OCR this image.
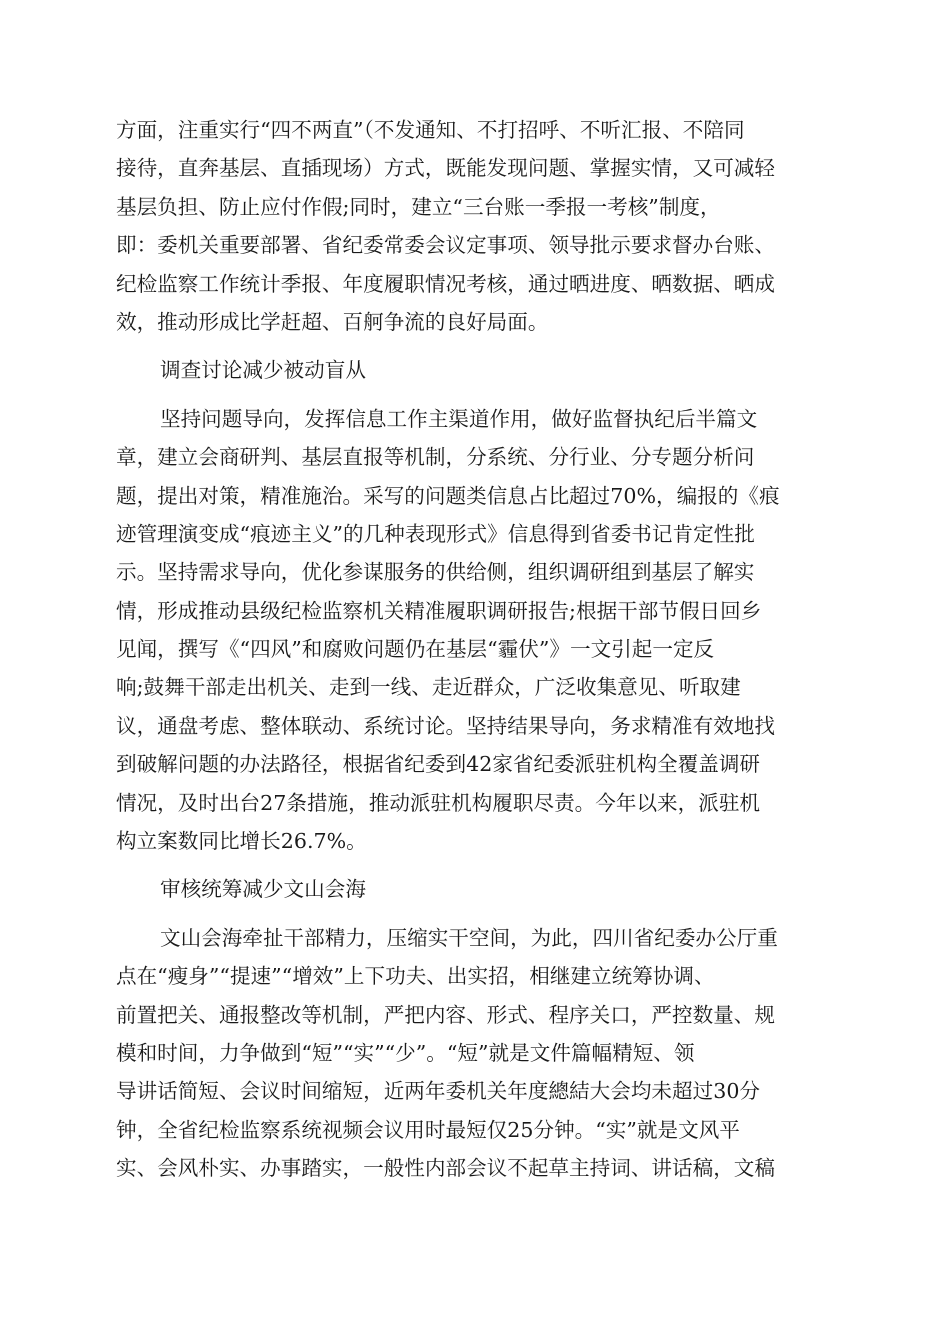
方面，注重实行“四不两直”（不发通知、不打招呼、不听汇报、不陪同
接待，直奔基层、直插现场）方式，既能发现问题、掌握实情，又可减轻
基层负担、防止应付作假;同时，建立“三台账一季报一考核”制度，
即：委机关重要部署、省纪委常委会议定事项、领导批示要求督办台账、
纪检监察工作统计季报、年度履职情况考核，通过晒进度、晒数据、晒成
效，推动形成比学赶超、百舸争流的良好局面。
调查讨论减少被动盲从
坚持问题导向，发挥信息工作主渠道作用，做好监督执纪后半篇文
章，建立会商研判、基层直报等机制，分系统、分行业、分专题分析问
题，提出对策，精准施治。采写的问题类信息占比超过70%，编报的《痕
迹管理演变成“痕迹主义”的几种表现形式》信息得到省委书记肯定性批
示。坚持需求导向，优化参谋服务的供给侧，组织调研组到基层了解实
情，形成推动县级纪检监察机关精准履职调研报告;根据干部节假日回乡
见闻，撰写《“四风”和腐败问题仍在基层“霾伏”》一文引起一定反
响;鼓舞干部走出机关、走到一线、走近群众，广泛收集意见、听取建
议，通盘考虑、整体联动、系统讨论。坚持结果导向，务求精准有效地找
到破解问题的办法路径，根据省纪委到42家省纪委派驻机构全覆盖调研
情况，及时出台27条措施，推动派驻机构履职尽责。今年以来，派驻机
构立案数同比增长26.7%。
审核统筹减少文山会海
文山会海牵扯干部精力，压缩实干空间，为此，四川省纪委办公厅重
点在“瘦身”“提速”“增效”上下功夫、出实招，相继建立统筹协调、
前置把关、通报整改等机制，严把内容、形式、程序关口，严控数量、规
模和时间，力争做到“短”“实”“少”。“短”就是文件篇幅精短、领
导讲话简短、会议时间缩短，近两年委机关年度總結大会均未超过30分
钟，全省纪检监察系统视频会议用时最短仅25分钟。“实”就是文风平
实、会风朴实、办事踏实，一般性内部会议不起草主持词、讲话稿，文稿
